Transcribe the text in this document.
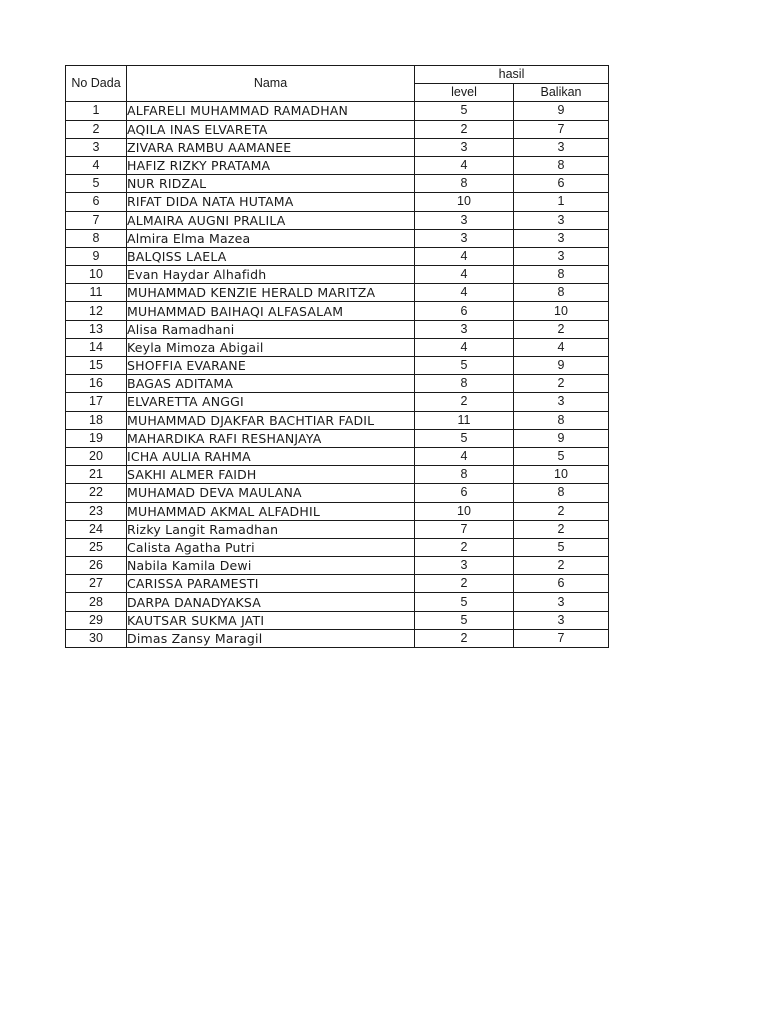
No Dada	Nama	hasil	
		level	Balikan
1	ALFARELI MUHAMMAD RAMADHAN	5	9
2	AQILA INAS ELVARETA	2	7
3	ZIVARA RAMBU AAMANEE	3	3
4	HAFIZ RIZKY PRATAMA	4	8
5	NUR RIDZAL	8	6
6	RIFAT DIDA NATA HUTAMA	10	1
7	ALMAIRA AUGNI PRALILA	3	3
8	Almira Elma Mazea	3	3
9	BALQISS LAELA	4	3
10	Evan Haydar Alhafidh	4	8
11	MUHAMMAD KENZIE HERALD MARITZA	4	8
12	MUHAMMAD BAIHAQI ALFASALAM	6	10
13	Alisa Ramadhani	3	2
14	Keyla Mimoza Abigail	4	4
15	SHOFFIA EVARANE	5	9
16	BAGAS ADITAMA	8	2
17	ELVARETTA ANGGI	2	3
18	MUHAMMAD DJAKFAR BACHTIAR FADIL	11	8
19	MAHARDIKA RAFI RESHANJAYA	5	9
20	ICHA AULIA RAHMA	4	5
21	SAKHI ALMER FAIDH	8	10
22	MUHAMAD DEVA MAULANA	6	8
23	MUHAMMAD AKMAL ALFADHIL	10	2
24	Rizky Langit Ramadhan	7	2
25	Calista Agatha Putri	2	5
26	Nabila Kamila Dewi	3	2
27	CARISSA PARAMESTI	2	6
28	DARPA DANADYAKSA	5	3
29	KAUTSAR SUKMA JATI	5	3
30	Dimas Zansy Maragil	2	7
